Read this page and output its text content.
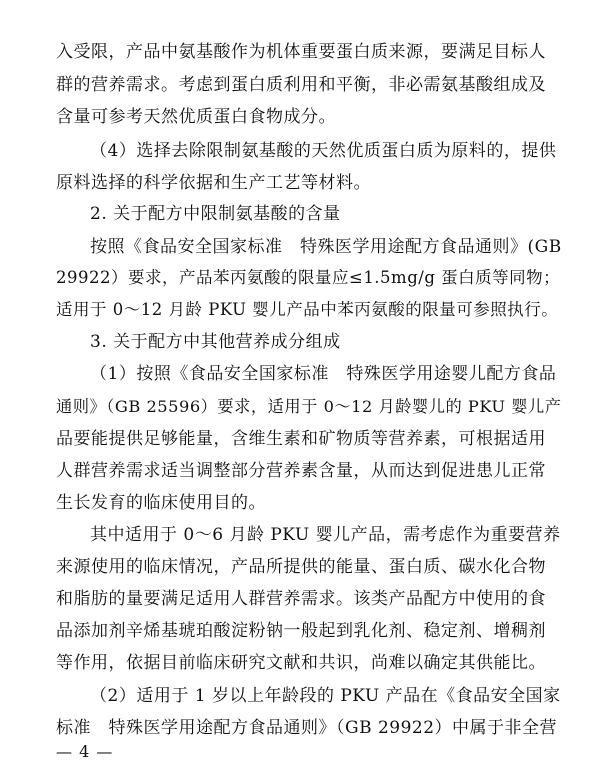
入受限，产品中氨基酸作为机体重要蛋白质来源，要满足目标人
群的营养需求。考虑到蛋白质利用和平衡，非必需氨基酸组成及
含量可参考天然优质蛋白食物成分。
（4）选择去除限制氨基酸的天然优质蛋白质为原料的，提供
原料选择的科学依据和生产工艺等材料。
2. 关于配方中限制氨基酸的含量
按照《食品安全国家标准　特殊医学用途配方食品通则》(GB
29922）要求，产品苯丙氨酸的限量应≤1.5mg/g 蛋白质等同物；
适用于 0～12 月龄 PKU 婴儿产品中苯丙氨酸的限量可参照执行。
3. 关于配方中其他营养成分组成
（1）按照《食品安全国家标准　特殊医学用途婴儿配方食品
通则》（GB 25596）要求，适用于 0～12 月龄婴儿的 PKU 婴儿产
品要能提供足够能量，含维生素和矿物质等营养素，可根据适用
人群营养需求适当调整部分营养素含量，从而达到促进患儿正常
生长发育的临床使用目的。
其中适用于 0～6 月龄 PKU 婴儿产品，需考虑作为重要营养
来源使用的临床情况，产品所提供的能量、蛋白质、碳水化合物
和脂肪的量要满足适用人群营养需求。该类产品配方中使用的食
品添加剂辛烯基琥珀酸淀粉钠一般起到乳化剂、稳定剂、增稠剂
等作用，依据目前临床研究文献和共识，尚难以确定其供能比。
（2）适用于 1 岁以上年龄段的 PKU 产品在《食品安全国家
标准　特殊医学用途配方食品通则》（GB 29922）中属于非全营
— 4 —
